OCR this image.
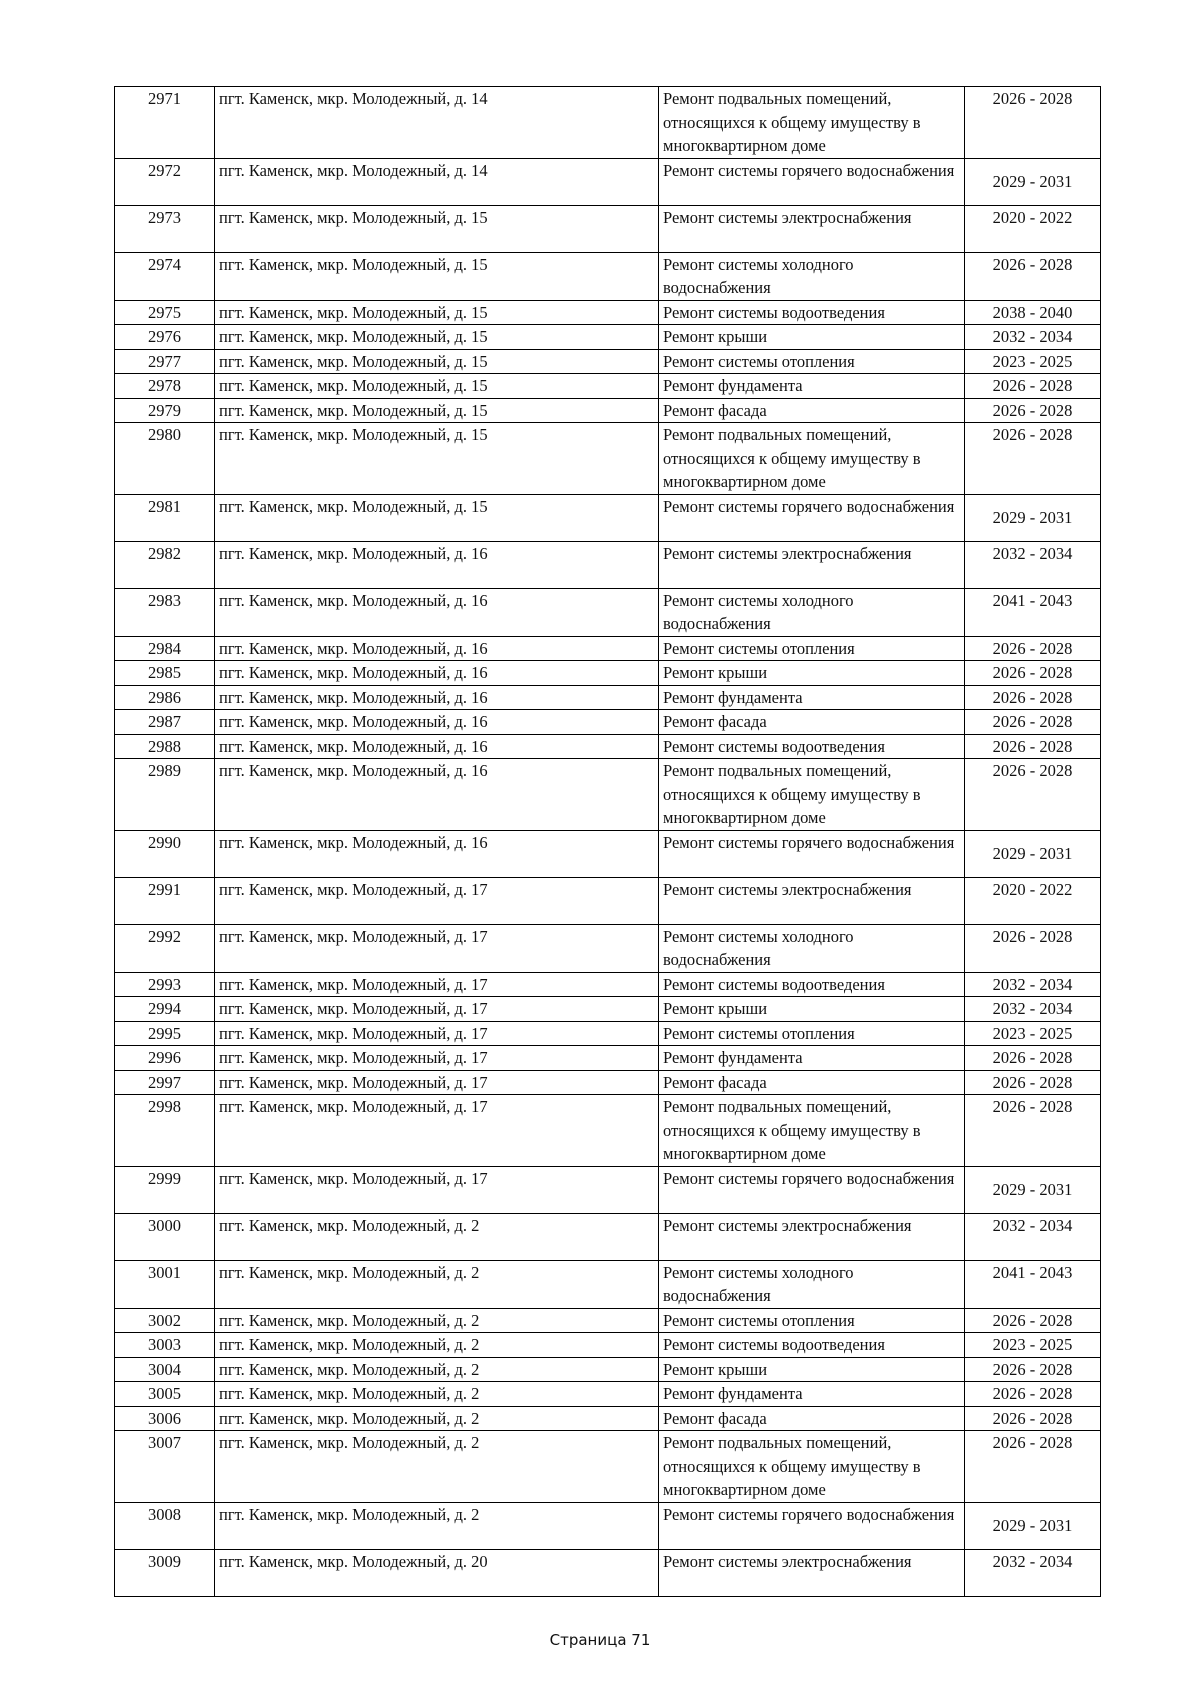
2971	пгт. Каменск, мкр. Молодежный, д. 14	Ремонт подвальных помещений, относящихся к общему имуществу в многоквартирном доме	2026 - 2028
2972	пгт. Каменск, мкр. Молодежный, д. 14	Ремонт системы горячего водоснабжения	2029 - 2031
2973	пгт. Каменск, мкр. Молодежный, д. 15	Ремонт системы электроснабжения	2020 - 2022
2974	пгт. Каменск, мкр. Молодежный, д. 15	Ремонт системы холодного водоснабжения	2026 - 2028
2975	пгт. Каменск, мкр. Молодежный, д. 15	Ремонт системы водоотведения	2038 - 2040
2976	пгт. Каменск, мкр. Молодежный, д. 15	Ремонт крыши	2032 - 2034
2977	пгт. Каменск, мкр. Молодежный, д. 15	Ремонт системы отопления	2023 - 2025
2978	пгт. Каменск, мкр. Молодежный, д. 15	Ремонт фундамента	2026 - 2028
2979	пгт. Каменск, мкр. Молодежный, д. 15	Ремонт фасада	2026 - 2028
2980	пгт. Каменск, мкр. Молодежный, д. 15	Ремонт подвальных помещений, относящихся к общему имуществу в многоквартирном доме	2026 - 2028
2981	пгт. Каменск, мкр. Молодежный, д. 15	Ремонт системы горячего водоснабжения	2029 - 2031
2982	пгт. Каменск, мкр. Молодежный, д. 16	Ремонт системы электроснабжения	2032 - 2034
2983	пгт. Каменск, мкр. Молодежный, д. 16	Ремонт системы холодного водоснабжения	2041 - 2043
2984	пгт. Каменск, мкр. Молодежный, д. 16	Ремонт системы отопления	2026 - 2028
2985	пгт. Каменск, мкр. Молодежный, д. 16	Ремонт крыши	2026 - 2028
2986	пгт. Каменск, мкр. Молодежный, д. 16	Ремонт фундамента	2026 - 2028
2987	пгт. Каменск, мкр. Молодежный, д. 16	Ремонт фасада	2026 - 2028
2988	пгт. Каменск, мкр. Молодежный, д. 16	Ремонт системы водоотведения	2026 - 2028
2989	пгт. Каменск, мкр. Молодежный, д. 16	Ремонт подвальных помещений, относящихся к общему имуществу в многоквартирном доме	2026 - 2028
2990	пгт. Каменск, мкр. Молодежный, д. 16	Ремонт системы горячего водоснабжения	2029 - 2031
2991	пгт. Каменск, мкр. Молодежный, д. 17	Ремонт системы электроснабжения	2020 - 2022
2992	пгт. Каменск, мкр. Молодежный, д. 17	Ремонт системы холодного водоснабжения	2026 - 2028
2993	пгт. Каменск, мкр. Молодежный, д. 17	Ремонт системы водоотведения	2032 - 2034
2994	пгт. Каменск, мкр. Молодежный, д. 17	Ремонт крыши	2032 - 2034
2995	пгт. Каменск, мкр. Молодежный, д. 17	Ремонт системы отопления	2023 - 2025
2996	пгт. Каменск, мкр. Молодежный, д. 17	Ремонт фундамента	2026 - 2028
2997	пгт. Каменск, мкр. Молодежный, д. 17	Ремонт фасада	2026 - 2028
2998	пгт. Каменск, мкр. Молодежный, д. 17	Ремонт подвальных помещений, относящихся к общему имуществу в многоквартирном доме	2026 - 2028
2999	пгт. Каменск, мкр. Молодежный, д. 17	Ремонт системы горячего водоснабжения	2029 - 2031
3000	пгт. Каменск, мкр. Молодежный, д. 2	Ремонт системы электроснабжения	2032 - 2034
3001	пгт. Каменск, мкр. Молодежный, д. 2	Ремонт системы холодного водоснабжения	2041 - 2043
3002	пгт. Каменск, мкр. Молодежный, д. 2	Ремонт системы отопления	2026 - 2028
3003	пгт. Каменск, мкр. Молодежный, д. 2	Ремонт системы водоотведения	2023 - 2025
3004	пгт. Каменск, мкр. Молодежный, д. 2	Ремонт крыши	2026 - 2028
3005	пгт. Каменск, мкр. Молодежный, д. 2	Ремонт фундамента	2026 - 2028
3006	пгт. Каменск, мкр. Молодежный, д. 2	Ремонт фасада	2026 - 2028
3007	пгт. Каменск, мкр. Молодежный, д. 2	Ремонт подвальных помещений, относящихся к общему имуществу в многоквартирном доме	2026 - 2028
3008	пгт. Каменск, мкр. Молодежный, д. 2	Ремонт системы горячего водоснабжения	2029 - 2031
3009	пгт. Каменск, мкр. Молодежный, д. 20	Ремонт системы электроснабжения	2032 - 2034
Страница 71
